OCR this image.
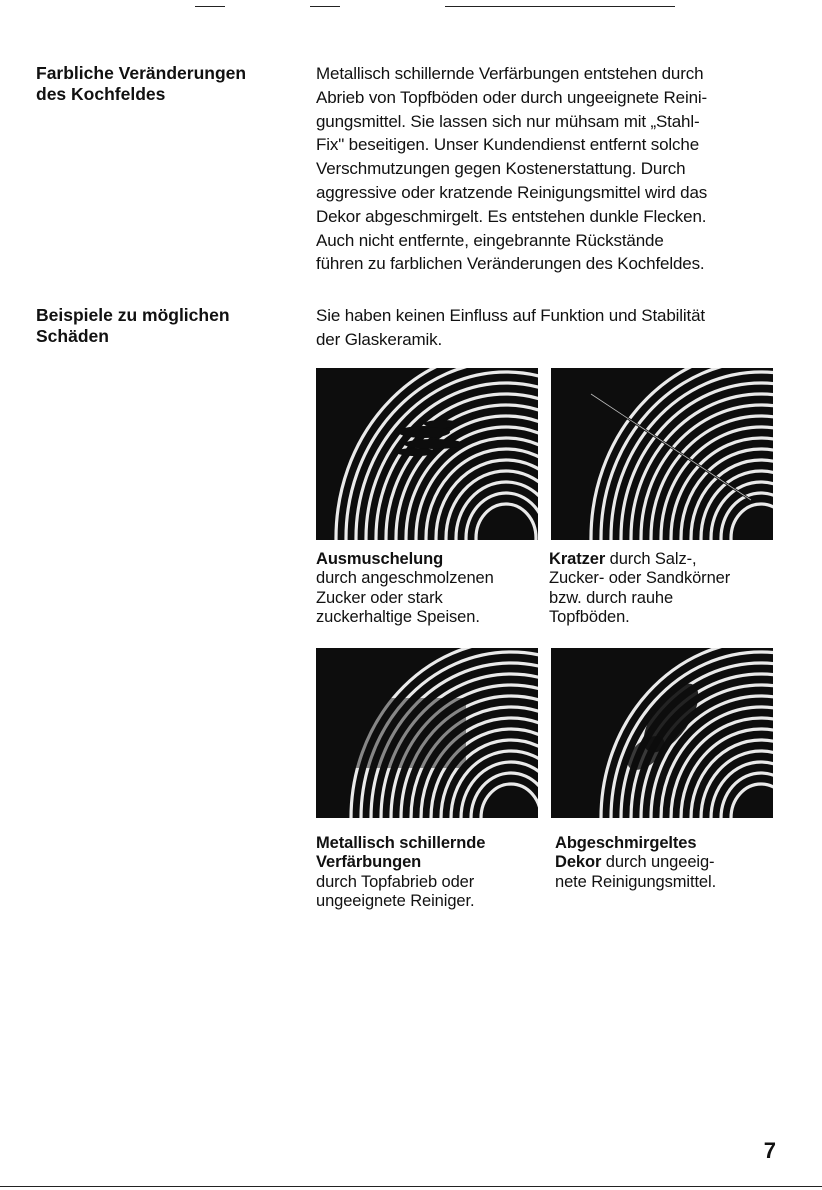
Farbliche Veränderungen
des Kochfeldes
Metallisch schillernde Verfärbungen entstehen durch
Abrieb von Topfböden oder durch ungeeignete Reini-
gungsmittel. Sie lassen sich nur mühsam mit „Stahl-
Fix" beseitigen. Unser Kundendienst entfernt solche
Verschmutzungen gegen Kostenerstattung. Durch
aggressive oder kratzende Reinigungsmittel wird das
Dekor abgeschmirgelt. Es entstehen dunkle Flecken.
Auch nicht entfernte, eingebrannte Rückstände
führen zu farblichen Veränderungen des Kochfeldes.
Beispiele zu möglichen
Schäden
Sie haben keinen Einfluss auf Funktion und Stabilität
der Glaskeramik.
Ausmuschelung
durch angeschmolzenen
Zucker oder stark
zuckerhaltige Speisen.
Kratzer durch Salz-,
Zucker- oder Sandkörner
bzw. durch rauhe
Topfböden.
Metallisch schillernde
Verfärbungen
durch Topfabrieb oder
ungeeignete Reiniger.
Abgeschmirgeltes
Dekor durch ungeeig-
nete Reinigungsmittel.
7
